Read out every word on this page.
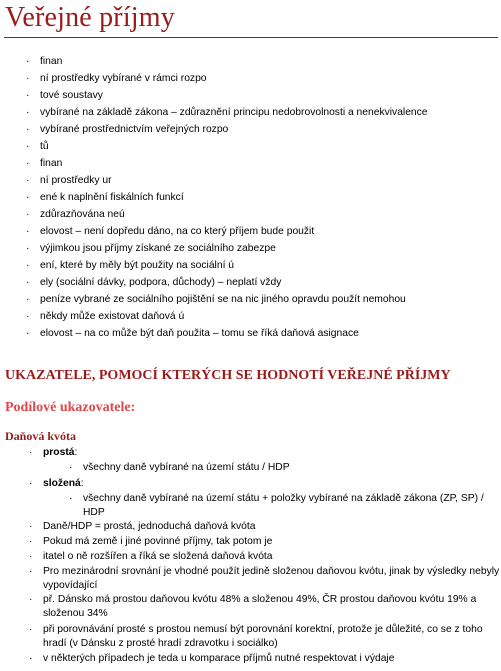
Veřejné příjmy
· finan
· ní prostředky vybírané v rámci rozpo
· tové soustavy
· vybírané na základě zákona – zdůraznění principu nedobrovolnosti a nenekvivalence
· vybírané prostřednictvím veřejných rozpo
· tů
· finan
· ní prostředky ur
· ené k naplnění fiskálních funkcí
· zdůrazňována neú
· elovost – není dopředu dáno, na co který příjem bude použit
· výjimkou jsou příjmy získané ze sociálního zabezpe
· ení, které by měly být použity na sociální ú
· ely (sociální dávky, podpora, důchody) – neplatí vždy
· peníze vybrané ze sociálního pojištění se na nic jiného opravdu použít nemohou
· někdy může existovat daňová ú
· elovost – na co může být daň použita – tomu se říká daňová asignace
UKAZATELE, POMOCÍ KTERÝCH SE HODNOTÍ VEŘEJNÉ PŘÍJMY
Podílové ukazovatele:
Daňová kvóta
· prostá:
· složená:
· Daně/HDP = prostá, jednoduchá daňová kvóta
· Pokud má země i jiné povinné příjmy, tak potom je
· itatel o ně rozšířen a říká se složená daňová kvóta
· Pro mezinárodní srovnání je vhodné použít jedině složenou daňovou kvótu, jinak by výsledky nebyly vypovídající
· př. Dánsko má prostou daňovou kvótu 48% a složenou 49%, ČR prostou daňovou kvótu 19% a složenou 34%
· při porovnávání prosté s prostou nemusí být porovnání korektní, protože je důležité, co se z toho hradí (v Dánsku z prosté hradí zdravotku i sociálko)
· v některých případech je teda u komparace příjmů nutné respektovat i výdaje
· všechny daně vybírané na území státu / HDP
· všechny daně vybírané na území státu + položky vybírané na základě zákona (ZP, SP) / HDP
